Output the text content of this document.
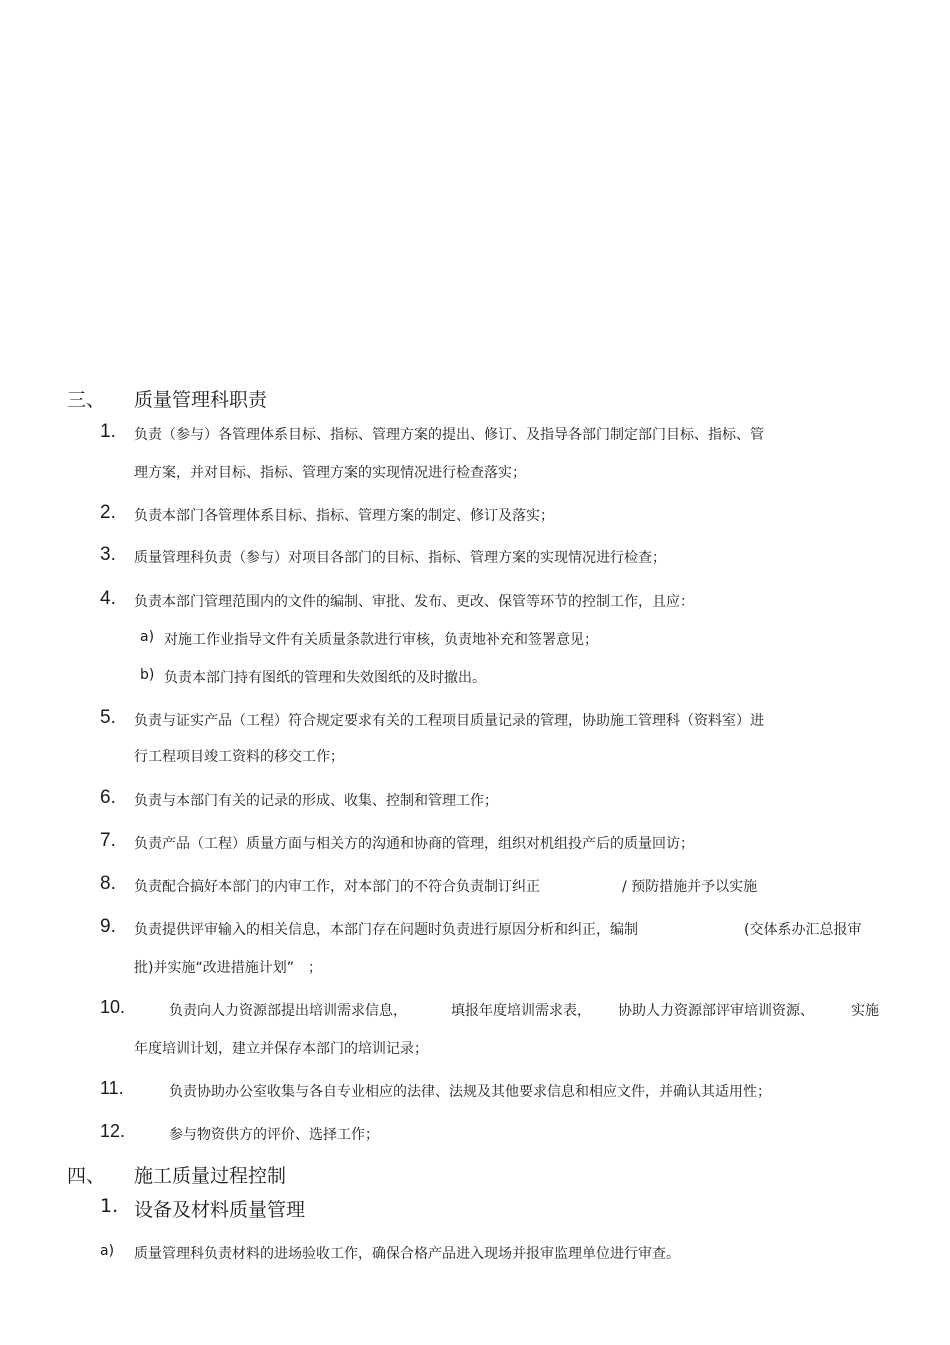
三、 质量管理科职责
1. 负责（参与）各管理体系目标、指标、管理方案的提出、修订、及指导各部门制定部门目标、指标、管
理方案，并对目标、指标、管理方案的实现情况进行检查落实；
2. 负责本部门各管理体系目标、指标、管理方案的制定、修订及落实；
3. 质量管理科负责（参与）对项目各部门的目标、指标、管理方案的实现情况进行检查；
4. 负责本部门管理范围内的文件的编制、审批、发布、更改、保管等环节的控制工作，且应：
a) 对施工作业指导文件有关质量条款进行审核，负责地补充和签署意见；
b) 负责本部门持有图纸的管理和失效图纸的及时撤出。
5. 负责与证实产品（工程）符合规定要求有关的工程项目质量记录的管理，协助施工管理科（资料室）进
行工程项目竣工资料的移交工作；
6. 负责与本部门有关的记录的形成、收集、控制和管理工作；
7. 负责产品（工程）质量方面与相关方的沟通和协商的管理，组织对机组投产后的质量回访；
8. 负责配合搞好本部门的内审工作，对本部门的不符合负责制订纠正	/ 预防措施并予以实施
9. 负责提供评审输入的相关信息，本部门存在问题时负责进行原因分析和纠正，编制	(交体系办汇总报审
批)并实施“改进措施计划”　；
10.	负责向人力资源部提出培训需求信息，	填报年度培训需求表， 协助人力资源部评审培训资源、	实施
年度培训计划，建立并保存本部门的培训记录；
11.	负责协助办公室收集与各自专业相应的法律、法规及其他要求信息和相应文件，并确认其适用性；
12.	参与物资供方的评价、选择工作；
四、 施工质量过程控制
1. 设备及材料质量管理
a) 质量管理科负责材料的进场验收工作，确保合格产品进入现场并报审监理单位进行审查。
